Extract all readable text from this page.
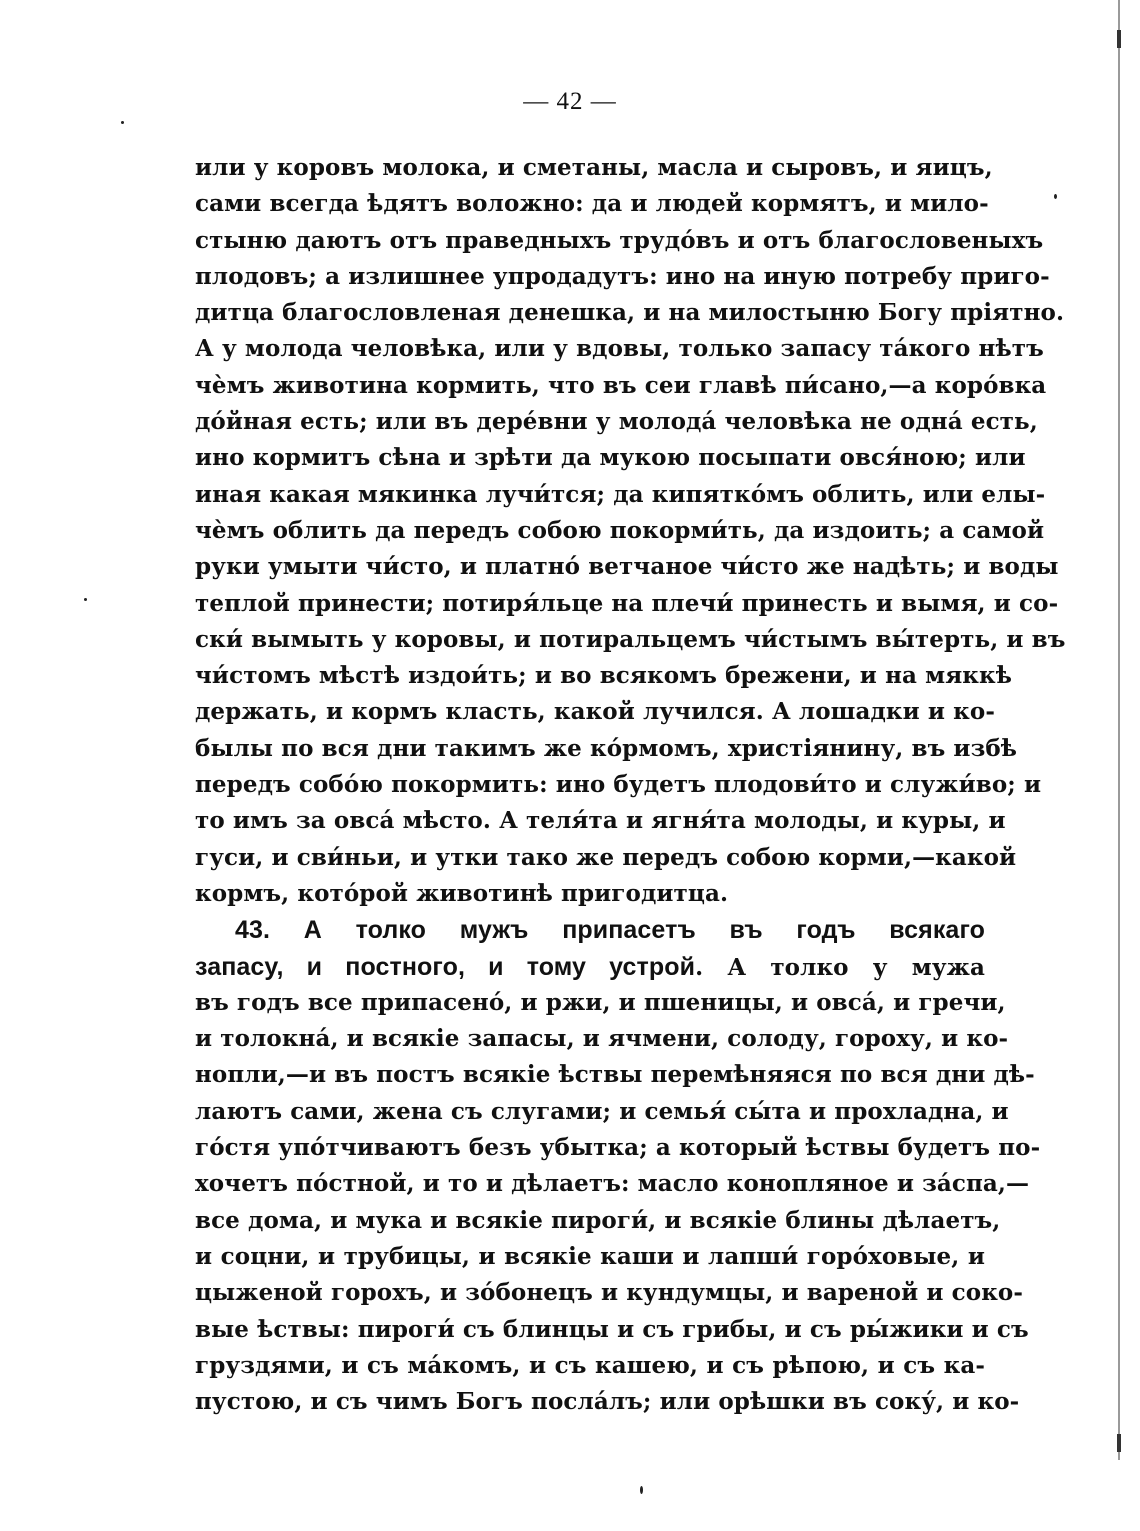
— 42 —
или у коровъ молока, и сметаны, масла и сыровъ, и яицъ,
сами всегда ѣдятъ воложно: да и людей кормятъ, и мило-
стыню даютъ отъ праведныхъ трудо́въ и отъ благословеныхъ
плодовъ; а излишнее упродадутъ: ино на иную потребу приго-
дитца благословленая денешка, и на милостыню Богу прiятно.
А у молода человѣка, или у вдовы, только запасу та́кого нѣтъ
чѐмъ животина кормить, что въ сеи главѣ пи́сано,—а коро́вка
до́йная есть; или въ дере́вни у молода́ человѣка не одна́ есть,
ино кормитъ сѣна и зрѣти да мукою посыпати овся́ною; или
иная какая мякинка лучи́тся; да кипятко́мъ облить, или елы-
чѐмъ облить да передъ собою покорми́ть, да издоить; а самой
руки умыти чи́сто, и платно́ ветчаное чи́сто же надѣть; и воды
теплой принести; потиря́льце на плечи́ принесть и вымя, и со-
ски́ вымыть у коровы, и потиральцемъ чи́стымъ вы́терть, и въ
чи́стомъ мѣстѣ издои́ть; и во всякомъ брежени, и на мяккѣ
держать, и кормъ класть, какой лучился. А лошадки и ко-
былы по вся дни такимъ же ко́рмомъ, христiянину, въ избѣ
передъ собо́ю покормить: ино будетъ плодови́то и служи́во; и
то имъ за овса́ мѣсто. А теля́та и ягня́та молоды, и куры, и
гуси, и сви́ньи, и утки тако же передъ собою корми,—какой
кормъ, кото́рой животинѣ пригодитца.
43. А толко мужъ припасетъ въ годъ всякаго
запасу, и постного, и тому устрой. А толко у мужа
въ годъ все припасено́, и ржи, и пшеницы, и овса́, и гречи,
и толокна́, и всякiе запасы, и ячмени, солоду, гороху, и ко-
нопли,—и въ постъ всякiе ѣствы перемѣняяся по вся дни дѣ-
лаютъ сами, жена съ слугами; и семья́ сы́та и прохладна, и
го́стя упо́тчиваютъ безъ убытка; а который ѣствы будетъ по-
хочетъ по́стной, и то и дѣлаетъ: масло конопляное и за́спа,—
все дома, и мука и всякiе пироги́, и всякiе блины дѣлаетъ,
и соцни, и трубицы, и всякiе каши и лапши́ горо́ховые, и
цыженой горохъ, и зо́бонецъ и кундумцы, и вареной и соко-
вые ѣствы: пироги́ съ блинцы и съ грибы, и съ ры́жики и съ
груздями, и съ ма́комъ, и съ кашею, и съ рѣпою, и съ ка-
пустою, и съ чимъ Богъ посла́лъ; или орѣшки въ соку́, и ко-
